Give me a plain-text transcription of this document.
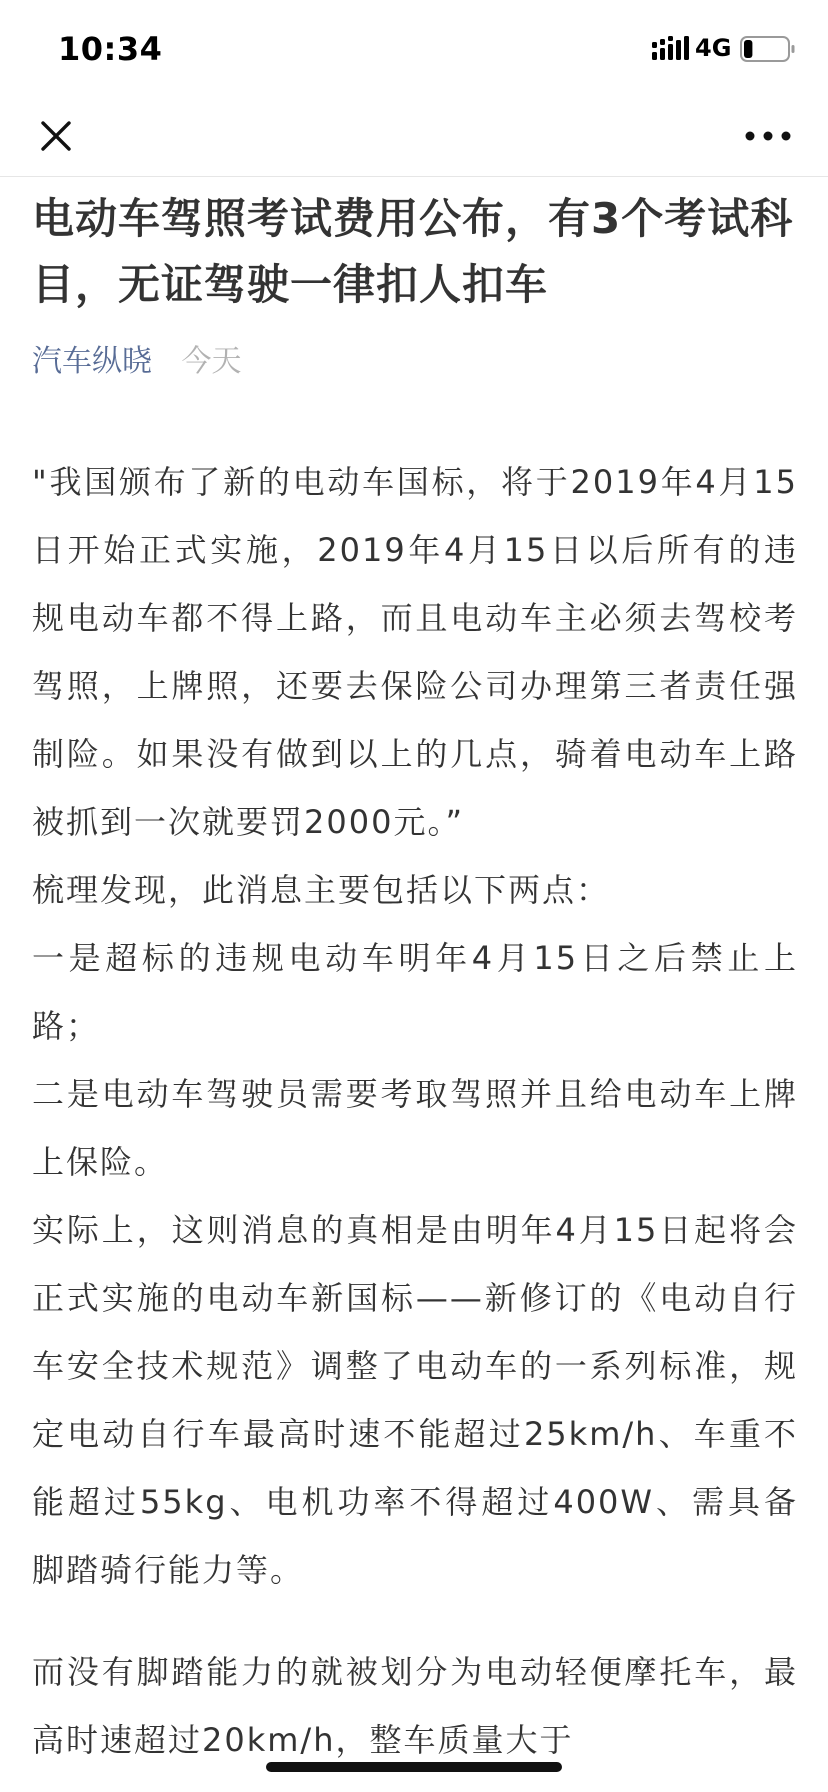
10:34	4G
电动车驾照考试费用公布，有3个考试科目，无证驾驶一律扣人扣车
汽车纵晓 今天

"我国颁布了新的电动车国标，将于2019年4月15日开始正式实施，2019年4月15日以后所有的违规电动车都不得上路，而且电动车主必须去驾校考驾照，上牌照，还要去保险公司办理第三者责任强制险。如果没有做到以上的几点，骑着电动车上路被抓到一次就要罚2000元。”

梳理发现，此消息主要包括以下两点：

一是超标的违规电动车明年4月15日之后禁止上路；

二是电动车驾驶员需要考取驾照并且给电动车上牌上保险。

实际上，这则消息的真相是由明年4月15日起将会正式实施的电动车新国标——新修订的《电动自行车安全技术规范》调整了电动车的一系列标准，规定电动自行车最高时速不能超过25km/h、车重不能超过55kg、电机功率不得超过400W、需具备脚踏骑行能力等。

而没有脚踏能力的就被划分为电动轻便摩托车，最高时速超过20km/h，整车质量大于
